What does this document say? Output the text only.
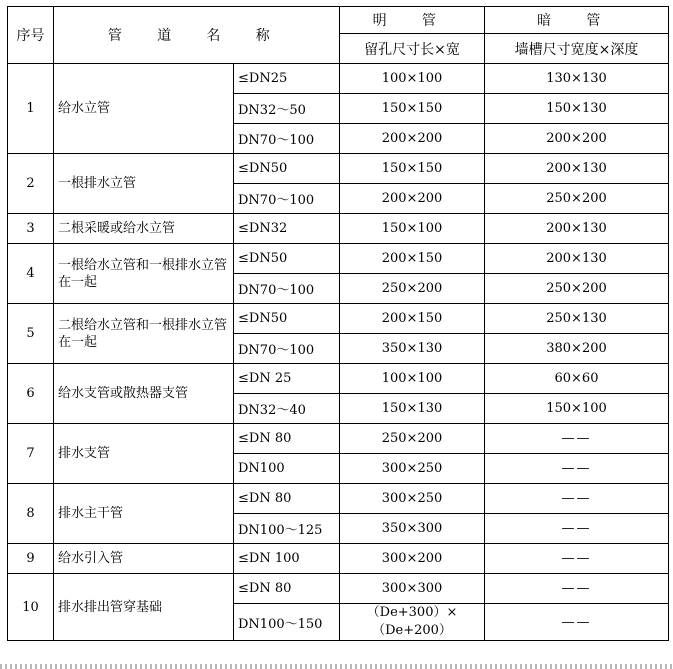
序号	管 道 名 称		明 管	暗 管
			留孔尺寸长×宽	墙槽尺寸宽度×深度
1	给水立管	≤DN25	100×100	130×130
		DN32～50	150×150	150×130
		DN70～100	200×200	200×200
2	一根排水立管	≤DN50	150×150	200×130
		DN70～100	200×200	250×200
3	二根采暖或给水立管	≤DN32	150×100	200×130
4	一根给水立管和一根排水立管在一起	≤DN50	200×150	200×130
		DN70～100	250×200	250×200
5	二根给水立管和一根排水立管在一起	≤DN50	200×150	250×130
		DN70～100	350×130	380×200
6	给水支管或散热器支管	≤DN 25	100×100	60×60
		DN32～40	150×130	150×100
7	排水支管	≤DN 80	250×200	——
		DN100	300×250	——
8	排水主干管	≤DN 80	300×250	——
		DN100～125	350×300	——
9	给水引入管	≤DN 100	300×200	——
10	排水排出管穿基础	≤DN 80	300×300	——
		DN100～150	（De+300）×（De+200）	——
